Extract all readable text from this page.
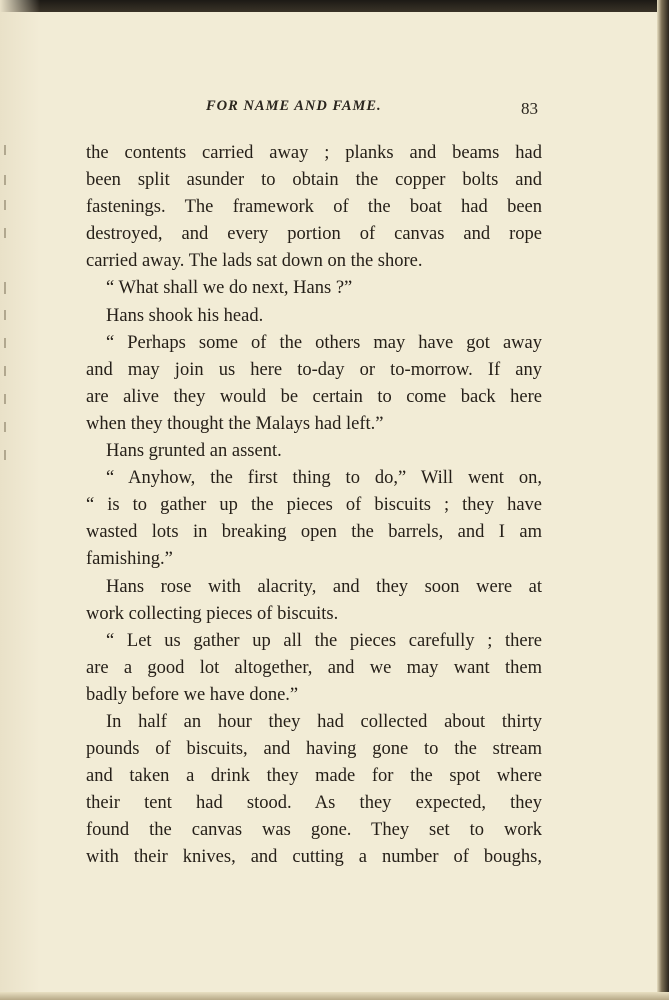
FOR NAME AND FAME.	83
the contents carried away ; planks and beams had
been split asunder to obtain the copper bolts and
fastenings. The framework of the boat had been
destroyed, and every portion of canvas and rope
carried away. The lads sat down on the shore.
“ What shall we do next, Hans ?”
Hans shook his head.
“ Perhaps some of the others may have got away
and may join us here to-day or to-morrow. If any
are alive they would be certain to come back here
when they thought the Malays had left.”
Hans grunted an assent.
“ Anyhow, the first thing to do,” Will went on,
“ is to gather up the pieces of biscuits ; they have
wasted lots in breaking open the barrels, and I am
famishing.”
Hans rose with alacrity, and they soon were at
work collecting pieces of biscuits.
“ Let us gather up all the pieces carefully ; there
are a good lot altogether, and we may want them
badly before we have done.”
In half an hour they had collected about thirty
pounds of biscuits, and having gone to the stream
and taken a drink they made for the spot where
their tent had stood. As they expected, they
found the canvas was gone. They set to work
with their knives, and cutting a number of boughs,
